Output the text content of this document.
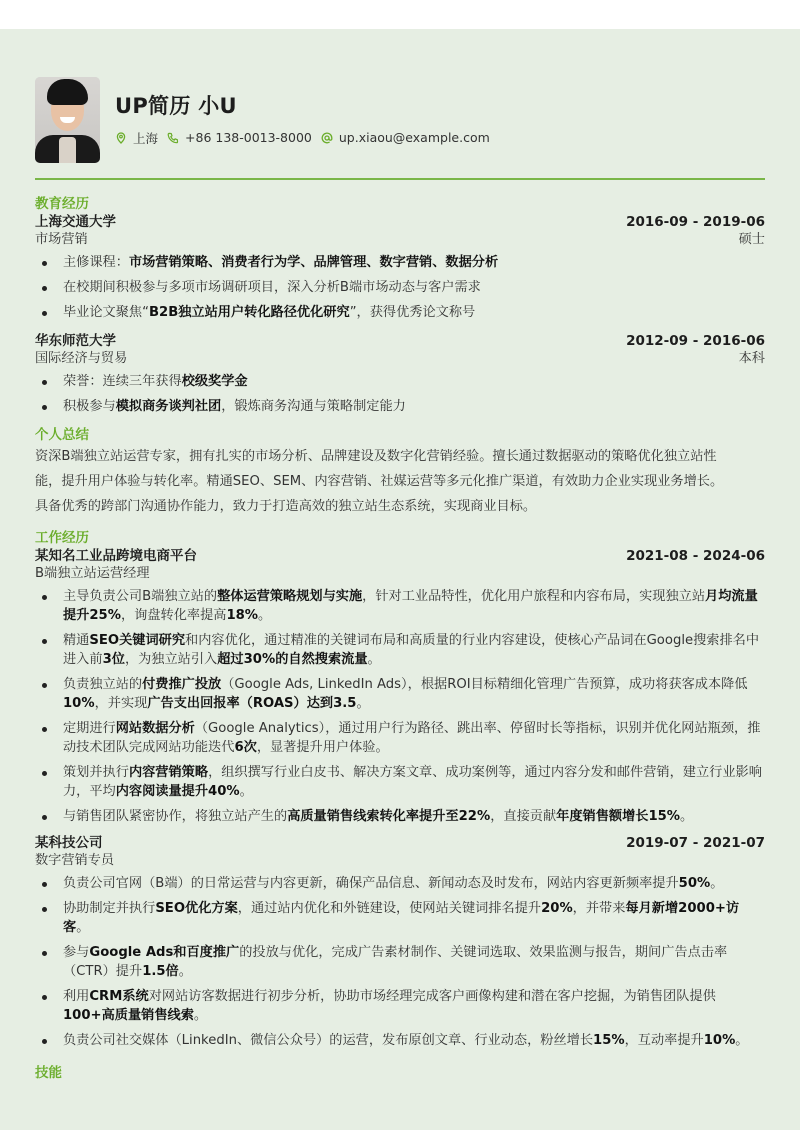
UP简历 小U
上海 +86 138-0013-8000 up.xiaou@example.com
教育经历
上海交通大学	2016-09 - 2019-06
市场营销	硕士
主修课程：市场营销策略、消费者行为学、品牌管理、数字营销、数据分析
在校期间积极参与多项市场调研项目，深入分析B端市场动态与客户需求
毕业论文聚焦“B2B独立站用户转化路径优化研究”，获得优秀论文称号
华东师范大学	2012-09 - 2016-06
国际经济与贸易	本科
荣誉：连续三年获得校级奖学金
积极参与模拟商务谈判社团，锻炼商务沟通与策略制定能力
个人总结
资深B端独立站运营专家，拥有扎实的市场分析、品牌建设及数字化营销经验。擅长通过数据驱动的策略优化独立站性
能，提升用户体验与转化率。精通SEO、SEM、内容营销、社媒运营等多元化推广渠道，有效助力企业实现业务增长。
具备优秀的跨部门沟通协作能力，致力于打造高效的独立站生态系统，实现商业目标。
工作经历
某知名工业品跨境电商平台	2021-08 - 2024-06
B端独立站运营经理
主导负责公司B端独立站的整体运营策略规划与实施，针对工业品特性，优化用户旅程和内容布局，实现独立站月均流量提升25%，询盘转化率提高18%。
精通SEO关键词研究和内容优化，通过精准的关键词布局和高质量的行业内容建设，使核心产品词在Google搜索排名中进入前3位，为独立站引入超过30%的自然搜索流量。
负责独立站的付费推广投放（Google Ads, LinkedIn Ads），根据ROI目标精细化管理广告预算，成功将获客成本降低10%，并实现广告支出回报率（ROAS）达到3.5。
定期进行网站数据分析（Google Analytics），通过用户行为路径、跳出率、停留时长等指标，识别并优化网站瓶颈，推动技术团队完成网站功能迭代6次，显著提升用户体验。
策划并执行内容营销策略，组织撰写行业白皮书、解决方案文章、成功案例等，通过内容分发和邮件营销，建立行业影响力，平均内容阅读量提升40%。
与销售团队紧密协作，将独立站产生的高质量销售线索转化率提升至22%，直接贡献年度销售额增长15%。
某科技公司	2019-07 - 2021-07
数字营销专员
负责公司官网（B端）的日常运营与内容更新，确保产品信息、新闻动态及时发布，网站内容更新频率提升50%。
协助制定并执行SEO优化方案，通过站内优化和外链建设，使网站关键词排名提升20%，并带来每月新增2000+访客。
参与Google Ads和百度推广的投放与优化，完成广告素材制作、关键词选取、效果监测与报告，期间广告点击率（CTR）提升1.5倍。
利用CRM系统对网站访客数据进行初步分析，协助市场经理完成客户画像构建和潜在客户挖掘，为销售团队提供100+高质量销售线索。
负责公司社交媒体（LinkedIn、微信公众号）的运营，发布原创文章、行业动态，粉丝增长15%，互动率提升10%。
技能
